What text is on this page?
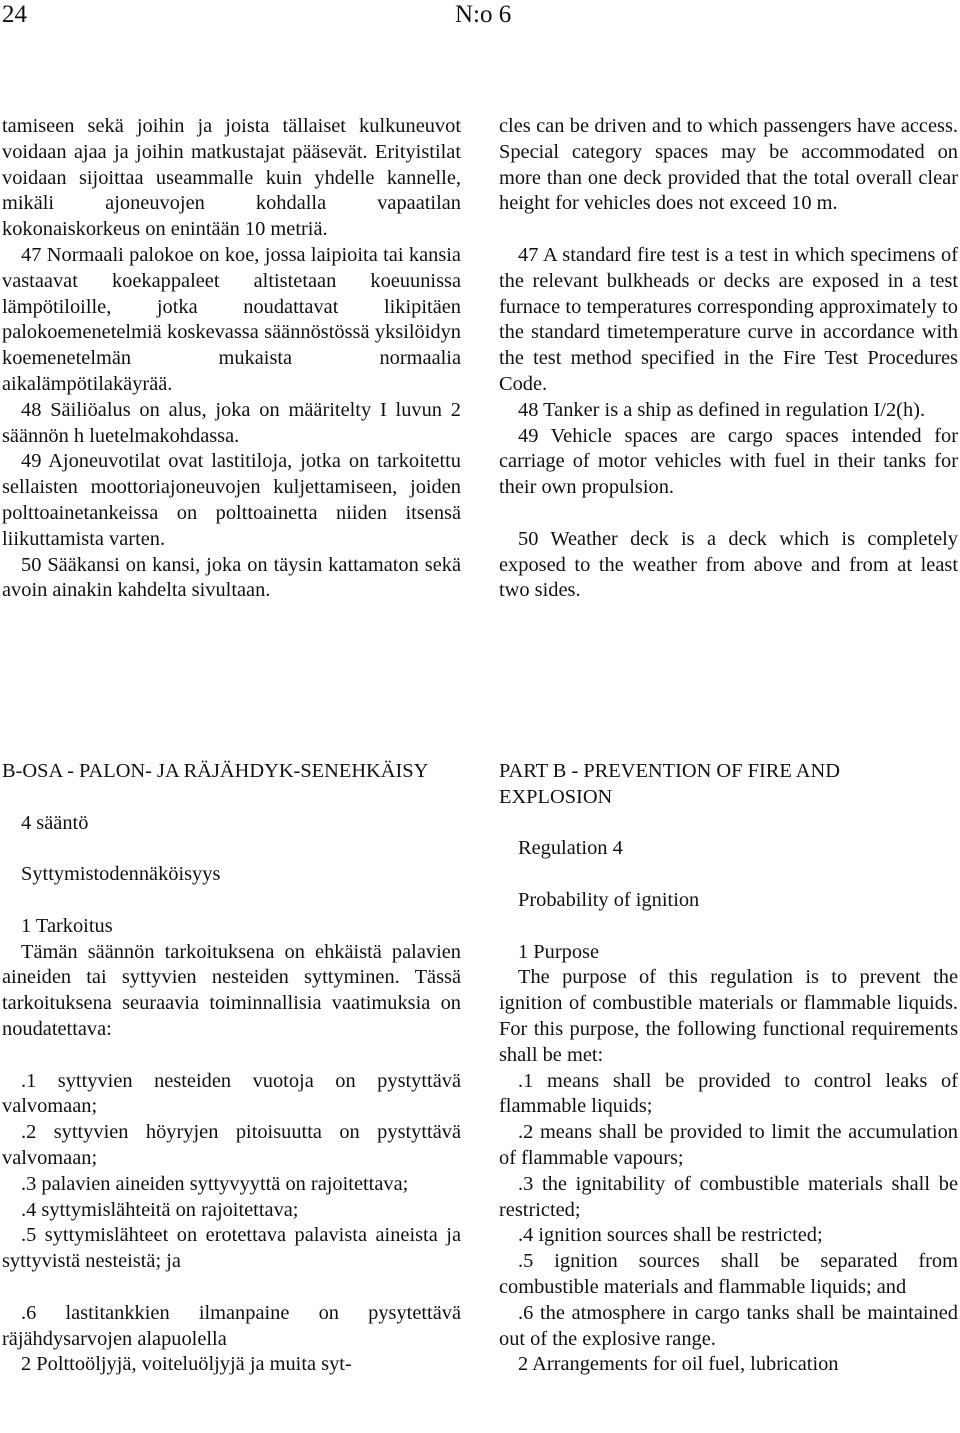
24	N:o 6

tamiseen sekä joihin ja joista tällaiset kulkuneuvot voidaan ajaa ja joihin matkustajat pääsevät. Erityistilat voidaan sijoittaa useammalle kuin yhdelle kannelle, mikäli ajoneuvojen kohdalla vapaatilan kokonaiskorkeus on enintään 10 metriä.

47 Normaali palokoe on koe, jossa laipioita tai kansia vastaavat koekappaleet altistetaan koeuunissa lämpötiloille, jotka noudattavat likipitäen palokoemenetelmiä koskevassa säännöstössä yksilöidyn koemenetelmän mukaista normaalia aikalämpötilakäyrää.

48 Säiliöalus on alus, joka on määritelty I luvun 2 säännön h luetelmakohdassa.

49 Ajoneuvotilat ovat lastitiloja, jotka on tarkoitettu sellaisten moottoriajoneuvojen kuljettamiseen, joiden polttoainetankeissa on polttoainetta niiden itsensä liikuttamista varten.

50 Sääkansi on kansi, joka on täysin kattamaton sekä avoin ainakin kahdelta sivultaan.

cles can be driven and to which passengers have access. Special category spaces may be accommodated on more than one deck provided that the total overall clear height for vehicles does not exceed 10 m.

47 A standard fire test is a test in which specimens of the relevant bulkheads or decks are exposed in a test furnace to temperatures corresponding approximately to the standard timetemperature curve in accordance with the test method specified in the Fire Test Procedures Code.

48 Tanker is a ship as defined in regulation I/2(h).

49 Vehicle spaces are cargo spaces intended for carriage of motor vehicles with fuel in their tanks for their own propulsion.

50 Weather deck is a deck which is completely exposed to the weather from above and from at least two sides.

B-OSA - PALON- JA RÄJÄHDYK-SENEHKÄISY

4 sääntö

Syttymistodennäköisyys

1 Tarkoitus

Tämän säännön tarkoituksena on ehkäistä palavien aineiden tai syttyvien nesteiden syttyminen. Tässä tarkoituksena seuraavia toiminnallisia vaatimuksia on noudatettava:

.1 syttyvien nesteiden vuotoja on pystyttävä valvomaan;

.2 syttyvien höyryjen pitoisuutta on pystyttävä valvomaan;

.3 palavien aineiden syttyvyyttä on rajoitettava;

.4 syttymislähteitä on rajoitettava;

.5 syttymislähteet on erotettava palavista aineista ja syttyvistä nesteistä; ja

.6 lastitankkien ilmanpaine on pysytettävä räjähdysarvojen alapuolella

2 Polttoöljyjä, voiteluöljyjä ja muita syt-

PART B - PREVENTION OF FIRE AND EXPLOSION

Regulation 4

Probability of ignition

1 Purpose

The purpose of this regulation is to prevent the ignition of combustible materials or flammable liquids. For this purpose, the following functional requirements shall be met:

.1 means shall be provided to control leaks of flammable liquids;

.2 means shall be provided to limit the accumulation of flammable vapours;

.3 the ignitability of combustible materials shall be restricted;

.4 ignition sources shall be restricted;

.5 ignition sources shall be separated from combustible materials and flammable liquids; and

.6 the atmosphere in cargo tanks shall be maintained out of the explosive range.

2 Arrangements for oil fuel, lubrication
